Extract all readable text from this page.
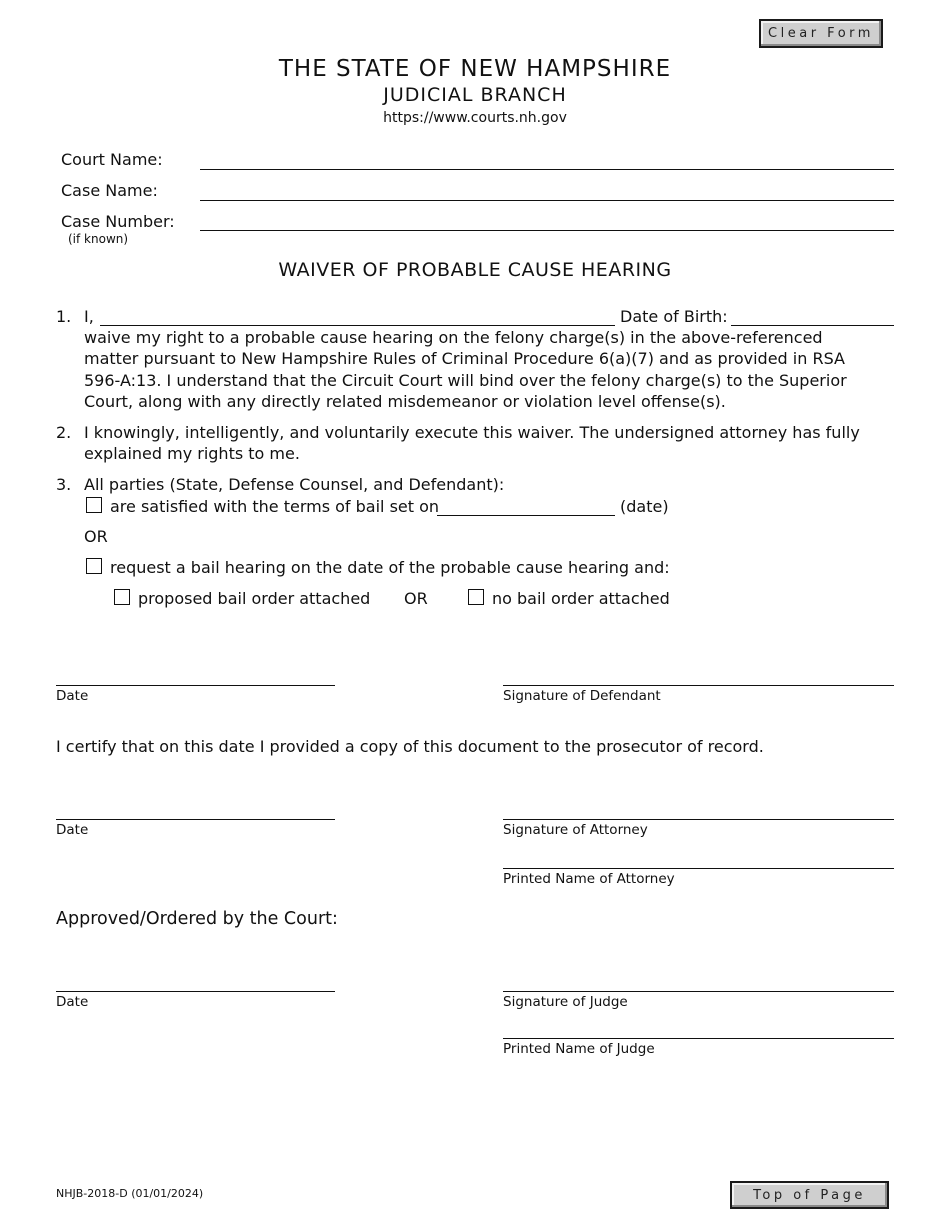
Clear Form
THE STATE OF NEW HAMPSHIRE
JUDICIAL BRANCH
https://www.courts.nh.gov
Court Name:
Case Name:
Case Number:
(if known)
WAIVER OF PROBABLE CAUSE HEARING
1. I,	Date of Birth:
waive my right to a probable cause hearing on the felony charge(s) in the above-referenced
matter pursuant to New Hampshire Rules of Criminal Procedure 6(a)(7) and as provided in RSA
596-A:13. I understand that the Circuit Court will bind over the felony charge(s) to the Superior
Court, along with any directly related misdemeanor or violation level offense(s).
2. I knowingly, intelligently, and voluntarily execute this waiver. The undersigned attorney has fully
explained my rights to me.
3. All parties (State, Defense Counsel, and Defendant):
are satisfied with the terms of bail set on	(date)
OR
request a bail hearing on the date of the probable cause hearing and:
proposed bail order attached OR	no bail order attached
Date	Signature of Defendant
I certify that on this date I provided a copy of this document to the prosecutor of record.
Date	Signature of Attorney
Printed Name of Attorney
Approved/Ordered by the Court:
Date	Signature of Judge
Printed Name of Judge
NHJB-2018-D (01/01/2024)	Top of Page
